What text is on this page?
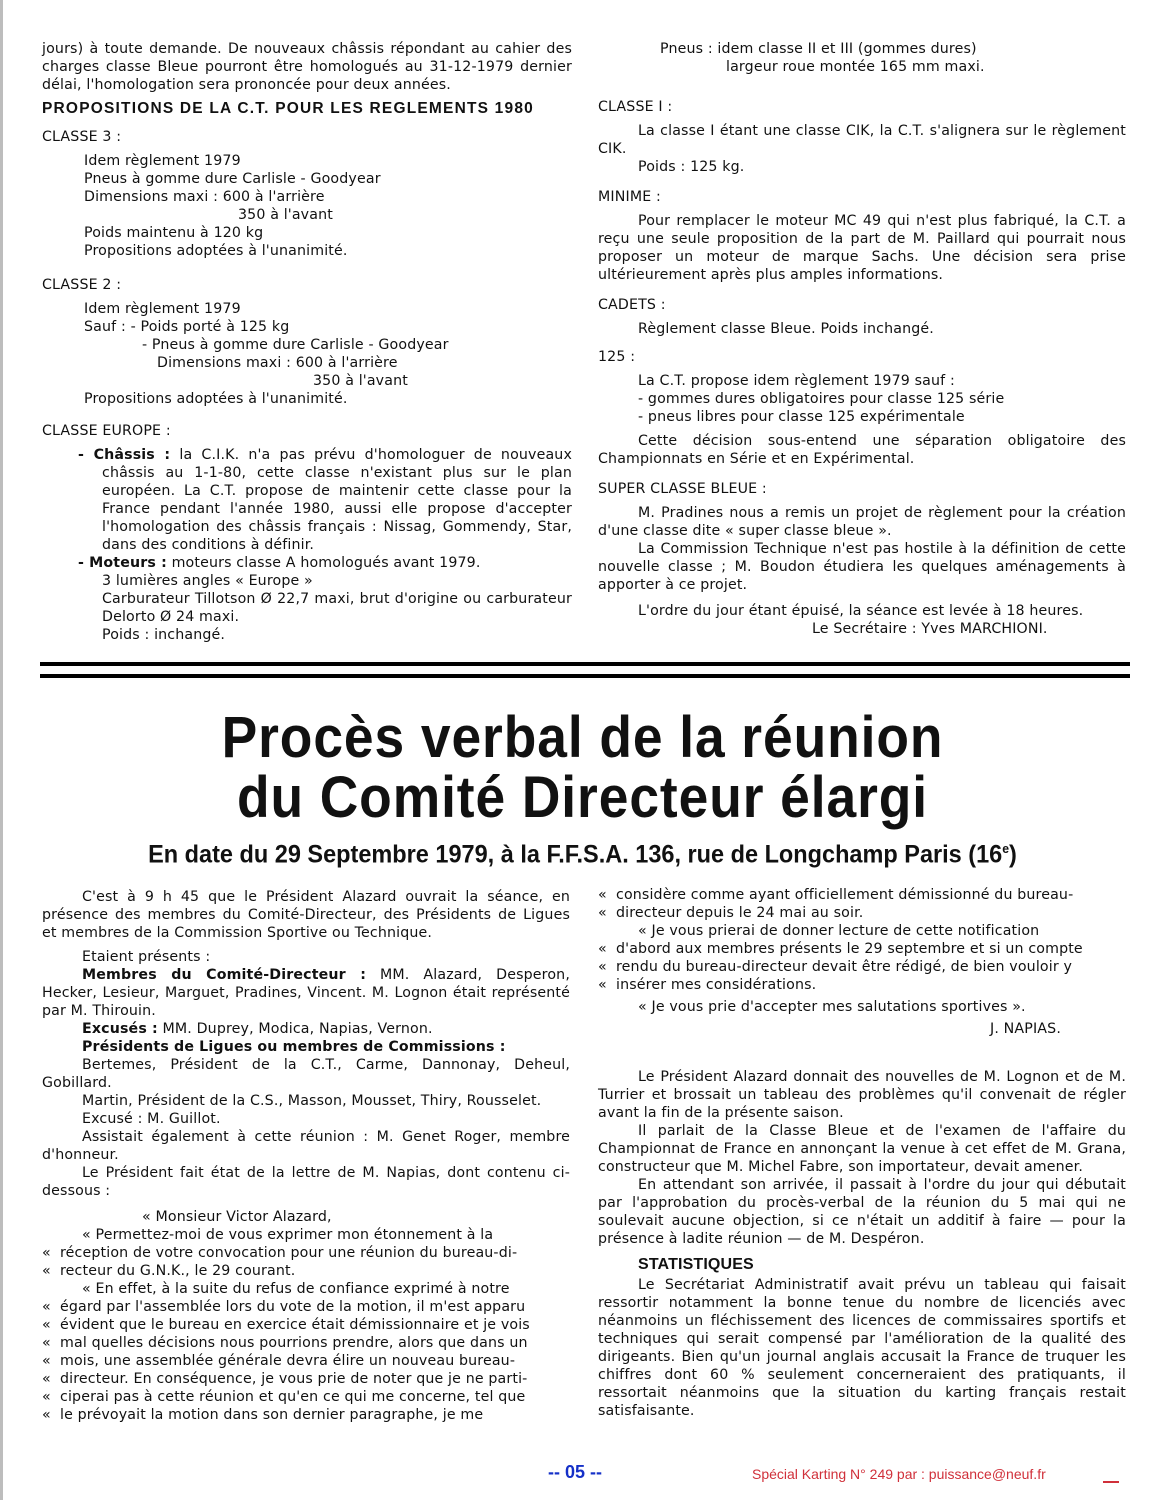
jours) à toute demande. De nouveaux châssis répondant au cahier des charges classe Bleue pourront être homologués au 31-12-1979 dernier délai, l'homologation sera prononcée pour deux années.

PROPOSITIONS DE LA C.T. POUR LES REGLEMENTS 1980

CLASSE 3 :

Idem règlement 1979

Pneus à gomme dure Carlisle - Goodyear

Dimensions maxi : 600 à l'arrière

350 à l'avant

Poids maintenu à 120 kg

Propositions adoptées à l'unanimité.

CLASSE 2 :

Idem règlement 1979

Sauf : - Poids porté à 125 kg

- Pneus à gomme dure Carlisle - Goodyear

Dimensions maxi : 600 à l'arrière

350 à l'avant

Propositions adoptées à l'unanimité.

CLASSE EUROPE :

- Châssis : la C.I.K. n'a pas prévu d'homologuer de nouveaux châssis au 1-1-80, cette classe n'existant plus sur le plan européen. La C.T. propose de maintenir cette classe pour la France pendant l'année 1980, aussi elle propose d'accepter l'homologation des châssis français : Nissag, Gommendy, Star, dans des conditions à définir.

- Moteurs : moteurs classe A homologués avant 1979.

3 lumières angles « Europe »

Carburateur Tillotson Ø 22,7 maxi, brut d'origine ou carburateur Delorto Ø 24 maxi.

Poids : inchangé.

Pneus : idem classe II et III (gommes dures)

largeur roue montée 165 mm maxi.

CLASSE I :

La classe I étant une classe CIK, la C.T. s'alignera sur le règlement CIK.

Poids : 125 kg.

MINIME :

Pour remplacer le moteur MC 49 qui n'est plus fabriqué, la C.T. a reçu une seule proposition de la part de M. Paillard qui pourrait nous proposer un moteur de marque Sachs. Une décision sera prise ultérieurement après plus amples informations.

CADETS :

Règlement classe Bleue. Poids inchangé.

125 :

La C.T. propose idem règlement 1979 sauf :

- gommes dures obligatoires pour classe 125 série

- pneus libres pour classe 125 expérimentale

Cette décision sous-entend une séparation obligatoire des Championnats en Série et en Expérimental.

SUPER CLASSE BLEUE :

M. Pradines nous a remis un projet de règlement pour la création d'une classe dite « super classe bleue ».

La Commission Technique n'est pas hostile à la définition de cette nouvelle classe ; M. Boudon étudiera les quelques aménagements à apporter à ce projet.

L'ordre du jour étant épuisé, la séance est levée à 18 heures.

Le Secrétaire : Yves MARCHIONI.

Procès verbal de la réunion
du Comité Directeur élargi
En date du 29 Septembre 1979, à la F.F.S.A. 136, rue de Longchamp Paris (16e)

C'est à 9 h 45 que le Président Alazard ouvrait la séance, en présence des membres du Comité-Directeur, des Présidents de Ligues et membres de la Commission Sportive ou Technique.

Etaient présents :

Membres du Comité-Directeur : MM. Alazard, Desperon, Hecker, Lesieur, Marguet, Pradines, Vincent. M. Lognon était représenté par M. Thirouin.

Excusés : MM. Duprey, Modica, Napias, Vernon.

Présidents de Ligues ou membres de Commissions :

Bertemes, Président de la C.T., Carme, Dannonay, Deheul, Gobillard.

Martin, Président de la C.S., Masson, Mousset, Thiry, Rousselet.

Excusé : M. Guillot.

Assistait également à cette réunion : M. Genet Roger, membre d'honneur.

Le Président fait état de la lettre de M. Napias, dont contenu ci-dessous :

« Monsieur Victor Alazard,

« Permettez-moi de vous exprimer mon étonnement à la

« réception de votre convocation pour une réunion du bureau-di-

« recteur du G.N.K., le 29 courant.

« En effet, à la suite du refus de confiance exprimé à notre

« égard par l'assemblée lors du vote de la motion, il m'est apparu

« évident que le bureau en exercice était démissionnaire et je vois

« mal quelles décisions nous pourrions prendre, alors que dans un

« mois, une assemblée générale devra élire un nouveau bureau-

« directeur. En conséquence, je vous prie de noter que je ne parti-

« ciperai pas à cette réunion et qu'en ce qui me concerne, tel que

« le prévoyait la motion dans son dernier paragraphe, je me

« considère comme ayant officiellement démissionné du bureau-

« directeur depuis le 24 mai au soir.

« Je vous prierai de donner lecture de cette notification

« d'abord aux membres présents le 29 septembre et si un compte

« rendu du bureau-directeur devait être rédigé, de bien vouloir y

« insérer mes considérations.

« Je vous prie d'accepter mes salutations sportives ».

J. NAPIAS.

Le Président Alazard donnait des nouvelles de M. Lognon et de M. Turrier et brossait un tableau des problèmes qu'il convenait de régler avant la fin de la présente saison.

Il parlait de la Classe Bleue et de l'examen de l'affaire du Championnat de France en annonçant la venue à cet effet de M. Grana, constructeur que M. Michel Fabre, son importateur, devait amener.

En attendant son arrivée, il passait à l'ordre du jour qui débutait par l'approbation du procès-verbal de la réunion du 5 mai qui ne soulevait aucune objection, si ce n'était un additif à faire — pour la présence à ladite réunion — de M. Despéron.

STATISTIQUES

Le Secrétariat Administratif avait prévu un tableau qui faisait ressortir notamment la bonne tenue du nombre de licenciés avec néanmoins un fléchissement des licences de commissaires sportifs et techniques qui serait compensé par l'amélioration de la qualité des dirigeants. Bien qu'un journal anglais accusait la France de truquer les chiffres dont 60 % seulement concerneraient des pratiquants, il ressortait néanmoins que la situation du karting français restait satisfaisante.

-- 05 --	Spécial Karting N° 249 par : puissance@neuf.fr
